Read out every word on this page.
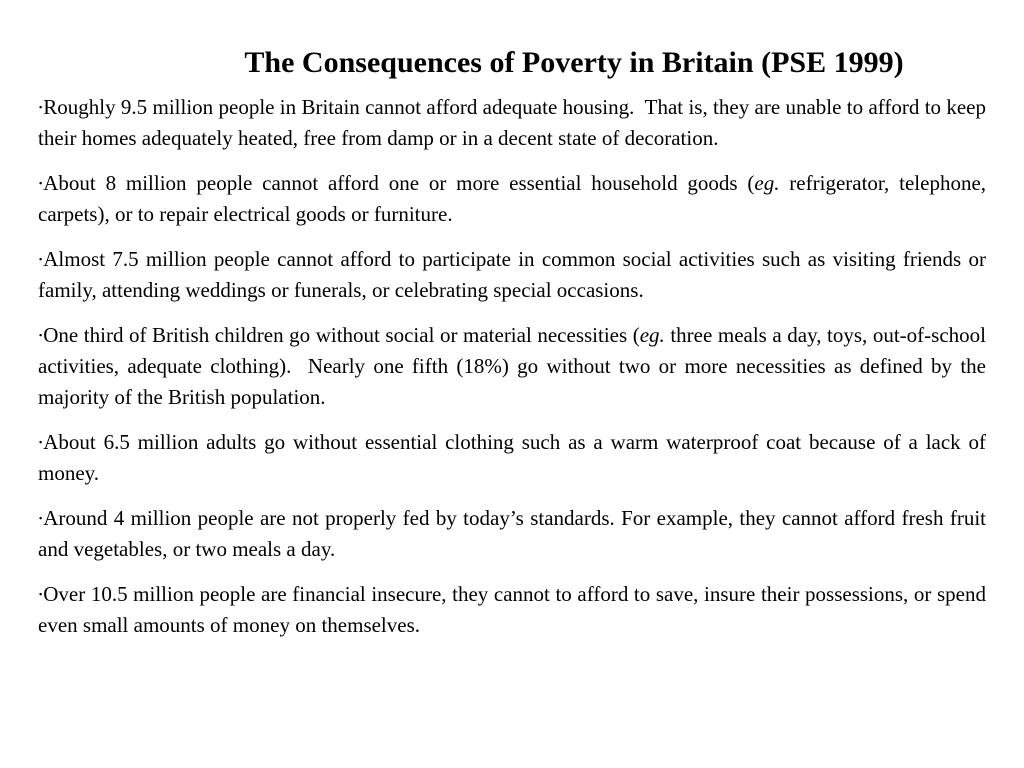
The Consequences of Poverty in Britain (PSE 1999)
∙Roughly 9.5 million people in Britain cannot afford adequate housing.  That is, they are unable to afford to keep their homes adequately heated, free from damp or in a decent state of decoration.
∙About 8 million people cannot afford one or more essential household goods (eg. refrigerator, telephone, carpets), or to repair electrical goods or furniture.
∙Almost 7.5 million people cannot afford to participate in common social activities such as visiting friends or family, attending weddings or funerals, or celebrating special occasions.
∙One third of British children go without social or material necessities (eg. three meals a day, toys, out-of-school activities, adequate clothing).  Nearly one fifth (18%) go without two or more necessities as defined by the majority of the British population.
∙About 6.5 million adults go without essential clothing such as a warm waterproof coat because of a lack of money.
∙Around 4 million people are not properly fed by today’s standards. For example, they cannot afford fresh fruit and vegetables, or two meals a day.
∙Over 10.5 million people are financial insecure, they cannot to afford to save, insure their possessions, or spend even small amounts of money on themselves.
